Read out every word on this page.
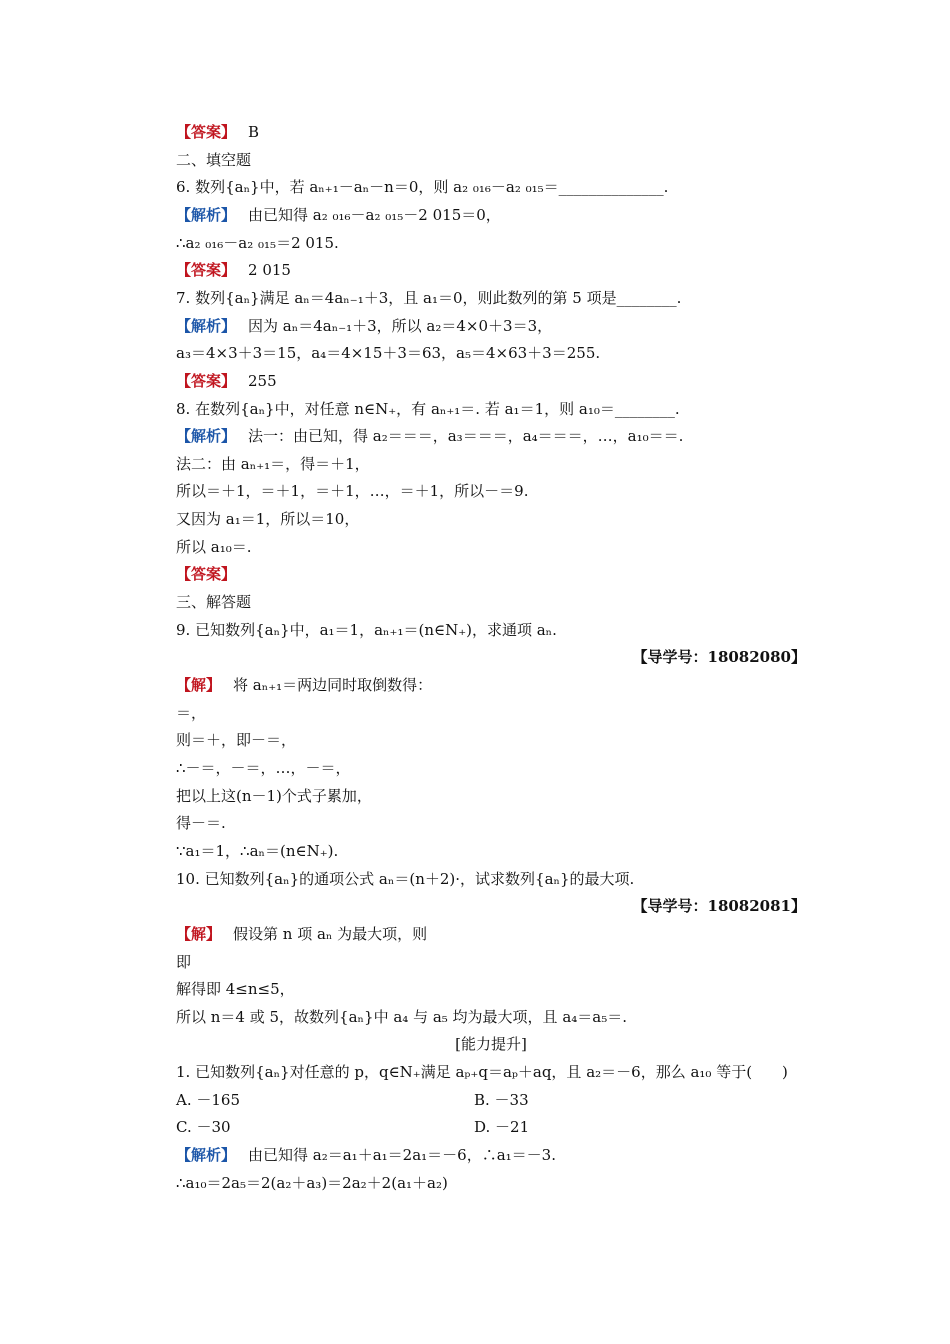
【答案】 B
二、填空题
6. 数列{aₙ}中，若 aₙ₊₁－aₙ－n＝0，则 a₂ ₀₁₆－a₂ ₀₁₅＝______________.
【解析】 由已知得 a₂ ₀₁₆－a₂ ₀₁₅－2 015＝0，
∴a₂ ₀₁₆－a₂ ₀₁₅＝2 015.
【答案】 2 015
7. 数列{aₙ}满足 aₙ＝4aₙ₋₁＋3，且 a₁＝0，则此数列的第 5 项是________.
【解析】 因为 aₙ＝4aₙ₋₁＋3，所以 a₂＝4×0＋3＝3，
a₃＝4×3＋3＝15，a₄＝4×15＋3＝63，a₅＝4×63＋3＝255.
【答案】 255
8. 在数列{aₙ}中，对任意 n∈N₊，有 aₙ₊₁＝. 若 a₁＝1，则 a₁₀＝________.
【解析】 法一：由已知，得 a₂＝＝＝，a₃＝＝＝，a₄＝＝＝，…，a₁₀＝＝.
法二：由 aₙ₊₁＝，得＝＋1，
所以＝＋1，＝＋1，＝＋1，…，＝＋1，所以－＝9.
又因为 a₁＝1，所以＝10，
所以 a₁₀＝.
【答案】
三、解答题
9. 已知数列{aₙ}中，a₁＝1，aₙ₊₁＝(n∈N₊)，求通项 aₙ.
【导学号：18082080】
【解】 将 aₙ₊₁＝两边同时取倒数得：
＝，
则＝＋，即－＝，
∴－＝，－＝，…，－＝，
把以上这(n－1)个式子累加，
得－＝.
∵a₁＝1，∴aₙ＝(n∈N₊).
10. 已知数列{aₙ}的通项公式 aₙ＝(n＋2)·，试求数列{aₙ}的最大项.
【导学号：18082081】
【解】 假设第 n 项 aₙ 为最大项，则
即
解得即 4≤n≤5，
所以 n＝4 或 5，故数列{aₙ}中 a₄ 与 a₅ 均为最大项，且 a₄＝a₅＝.
[能力提升]
1. 已知数列{aₙ}对任意的 p，q∈N₊满足 aₚ₊q＝aₚ＋aq，且 a₂＝－6，那么 a₁₀ 等于(　　)
A. －165	B. －33
C. －30	D. －21
【解析】 由已知得 a₂＝a₁＋a₁＝2a₁＝－6，∴a₁＝－3.
∴a₁₀＝2a₅＝2(a₂＋a₃)＝2a₂＋2(a₁＋a₂)
